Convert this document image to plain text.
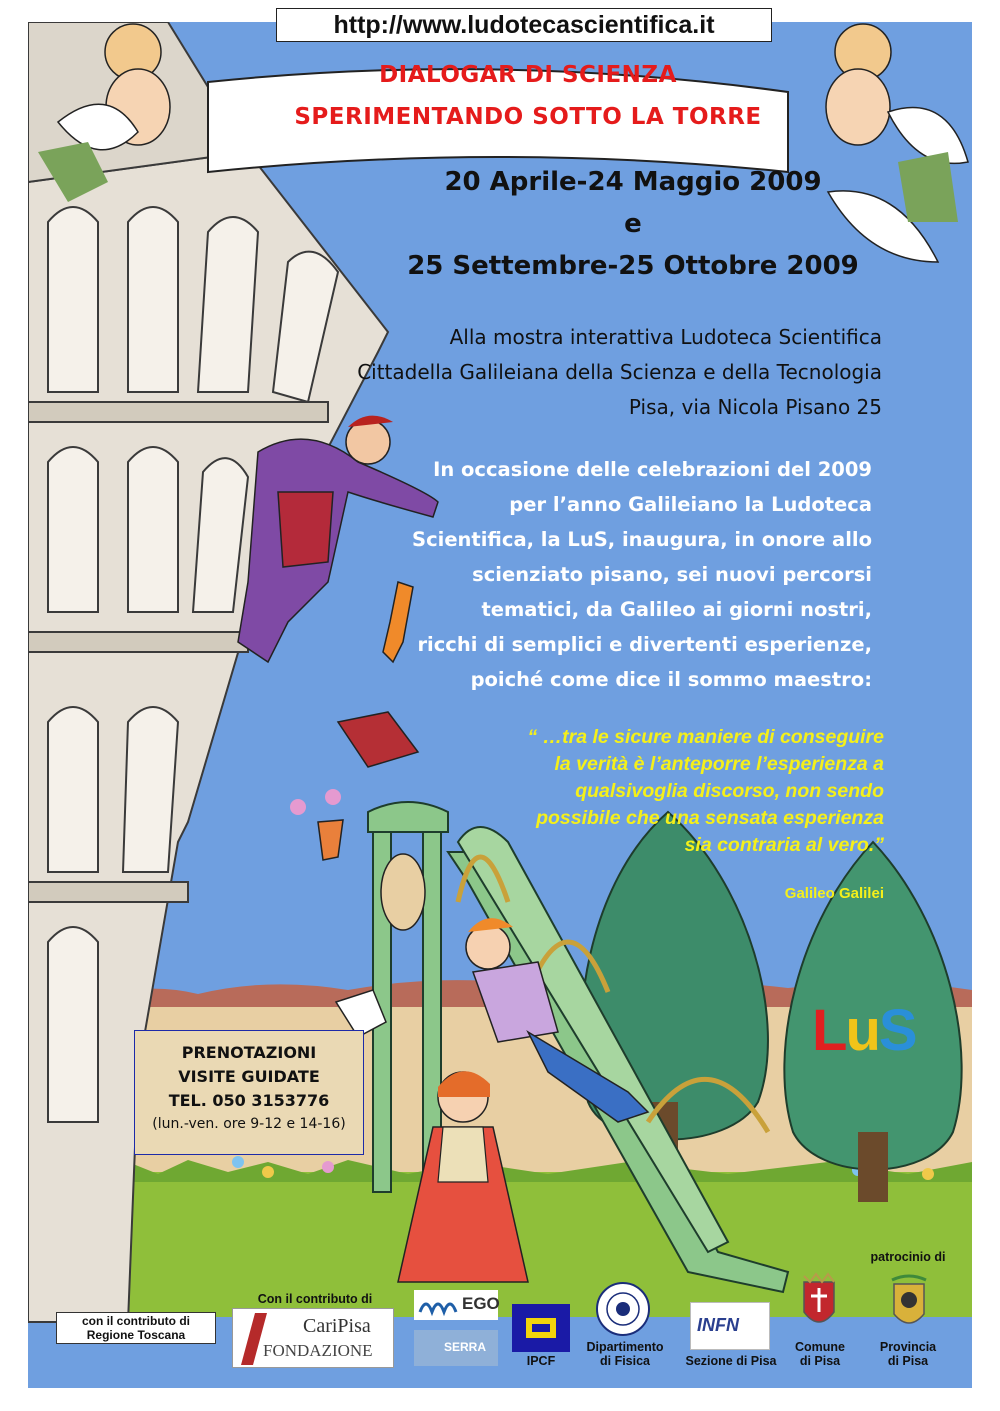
DIALOGAR DI SCIENZA
SPERIMENTANDO SOTTO LA TORRE
20 Aprile-24 Maggio 2009
e
25 Settembre-25 Ottobre 2009
Alla mostra interattiva Ludoteca Scientifica
Cittadella Galileiana della Scienza e della Tecnologia
Pisa, via Nicola Pisano 25
In occasione delle celebrazioni del 2009
per l’anno Galileiano la Ludoteca
Scientifica, la LuS, inaugura, in onore allo
scienziato pisano, sei nuovi percorsi
tematici, da Galileo ai giorni nostri,
ricchi di semplici e divertenti esperienze,
poiché come dice il sommo maestro:
“ …tra le sicure maniere di conseguire
la verità è l’anteporre l’esperienza a
qualsivoglia discorso, non sendo
possibile che una sensata esperienza
sia contraria al vero.”
Galileo Galilei
LuS
http://www.ludotecascientifica.it
PRENOTAZIONI
VISITE GUIDATE
TEL. 050 3153776
(lun.-ven. ore 9-12 e 14-16)
con il contributo di
Regione Toscana
Con il contributo di
CariPisa
FONDAZIONE
EGO
SERRA
IPCF
Dipartimento
di Fisica
INFN
Sezione di Pisa
Comune
di Pisa
patrocinio di
Provincia
di Pisa
